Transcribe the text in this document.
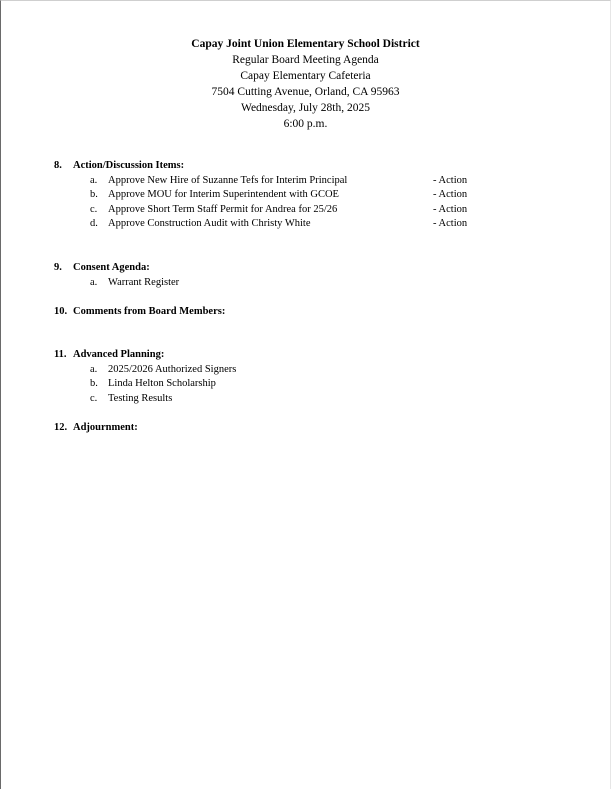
Capay Joint Union Elementary School District
Regular Board Meeting Agenda
Capay Elementary Cafeteria
7504 Cutting Avenue, Orland, CA 95963
Wednesday, July 28th, 2025
6:00 p.m.
8. Action/Discussion Items:
a. Approve New Hire of Suzanne Tefs for Interim Principal	- Action
b. Approve MOU for Interim Superintendent with GCOE	- Action
c. Approve Short Term Staff Permit for Andrea for 25/26	- Action
d. Approve Construction Audit with Christy White	- Action
9. Consent Agenda:
a. Warrant Register
10. Comments from Board Members:
11. Advanced Planning:
a. 2025/2026 Authorized Signers
b. Linda Helton Scholarship
c. Testing Results
12. Adjournment:
